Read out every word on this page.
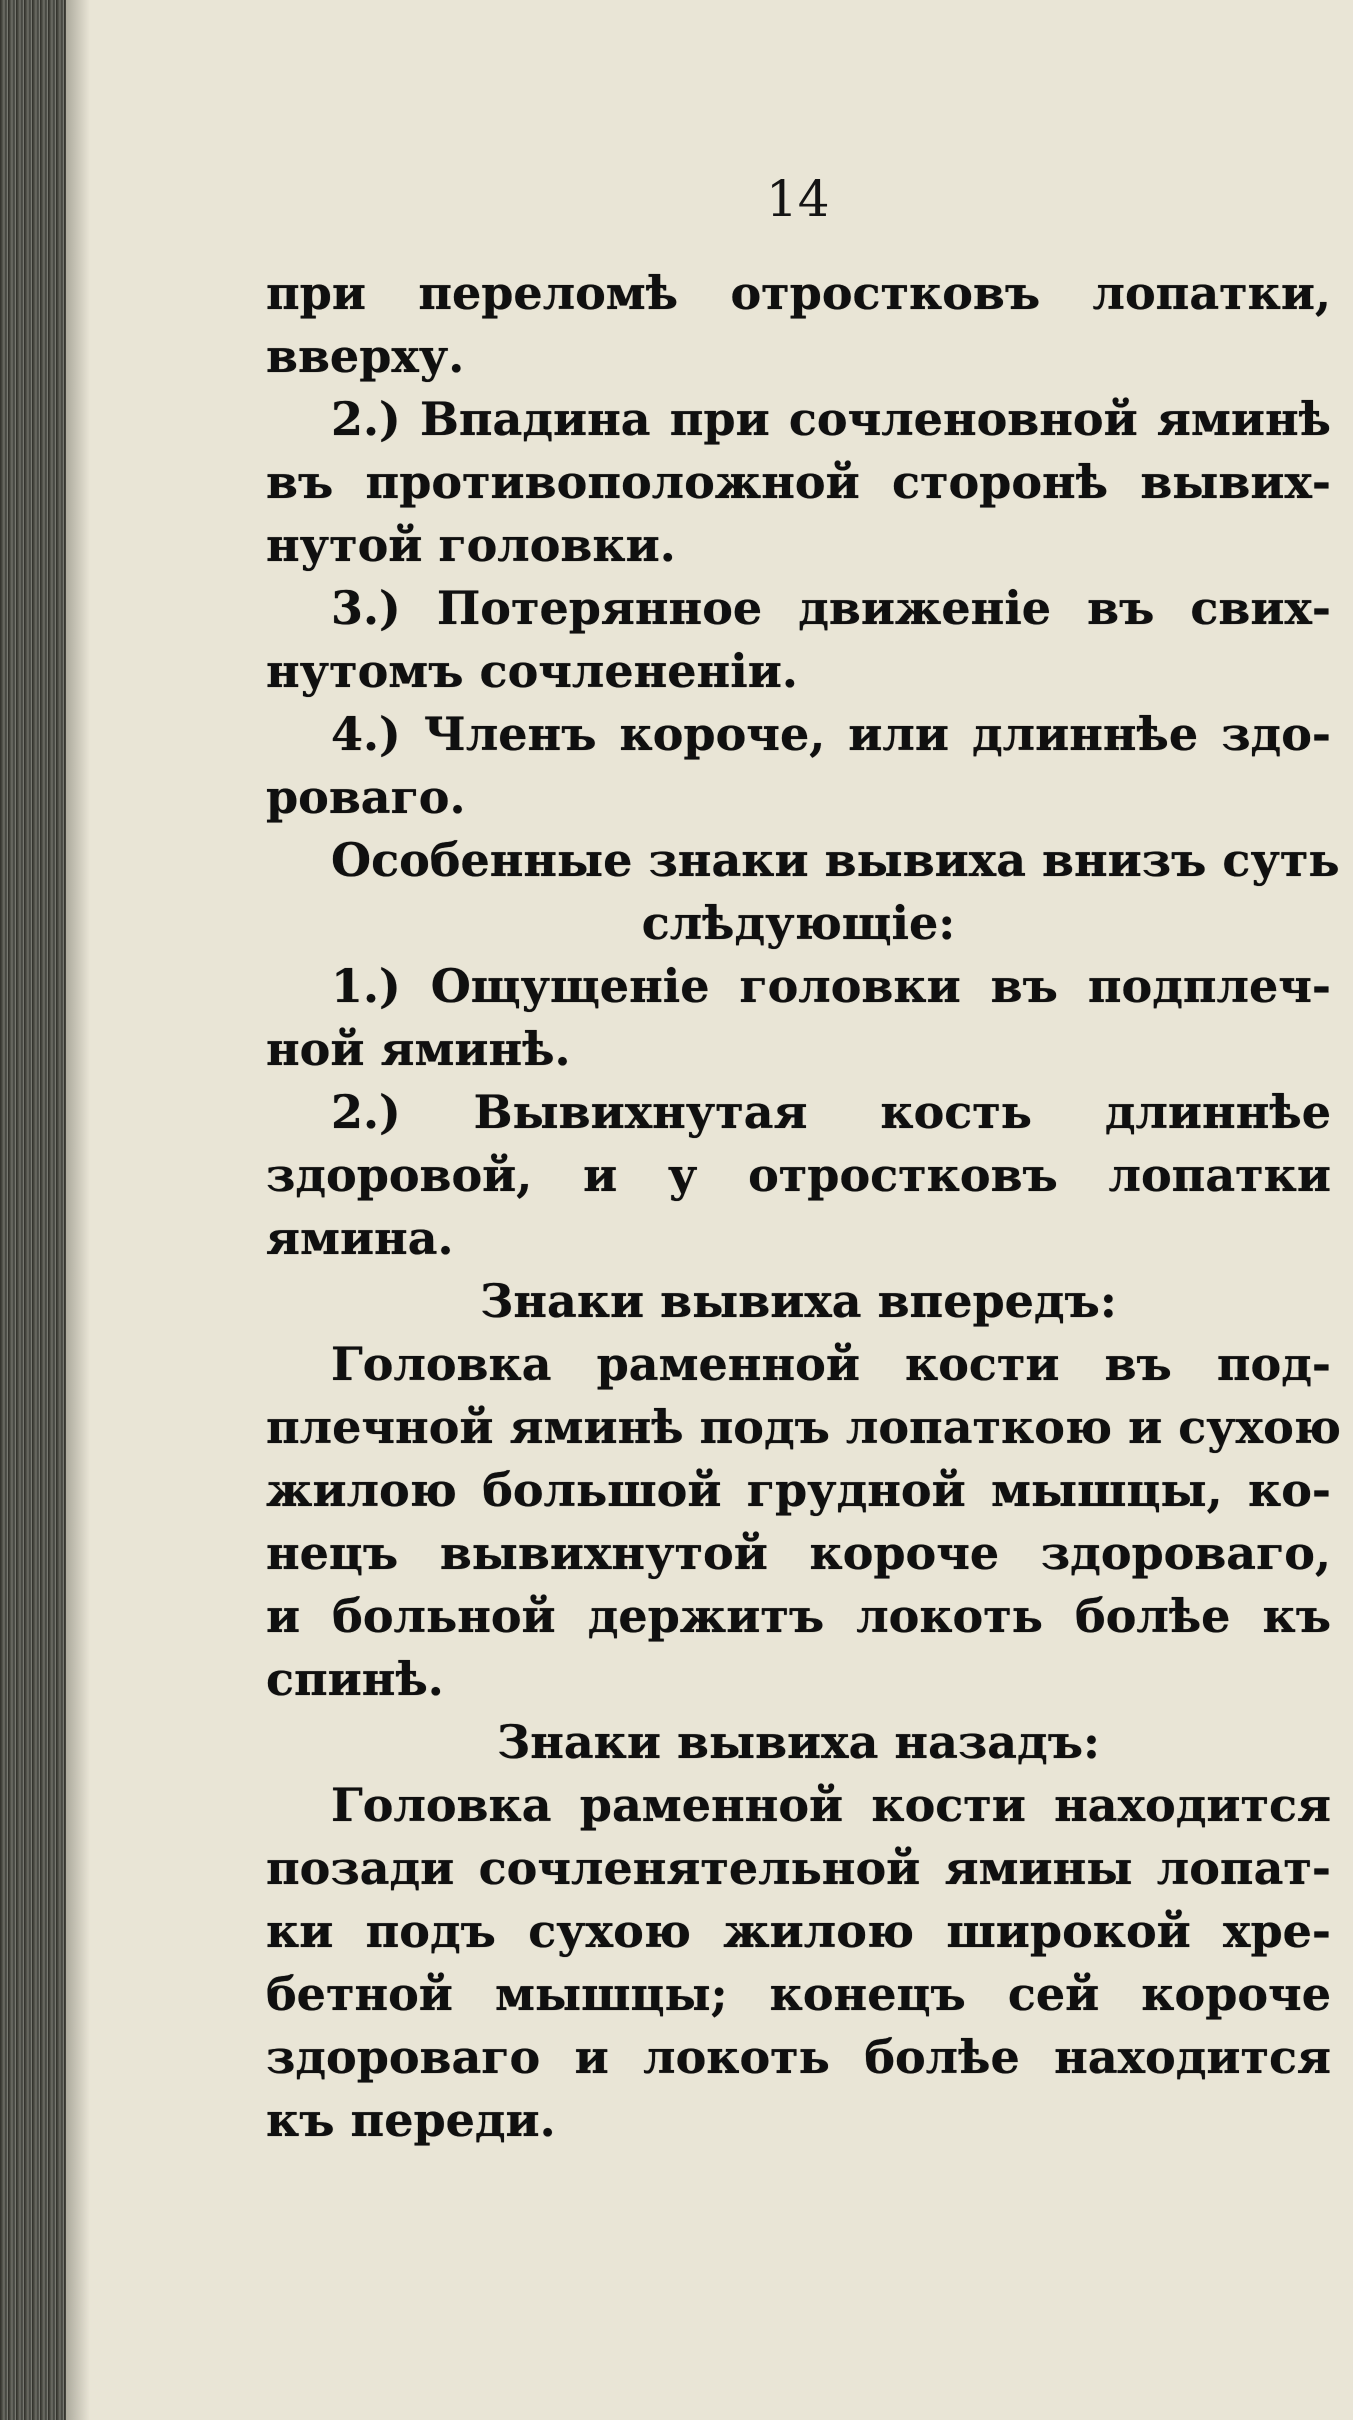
14
при переломѣ отростковъ лопатки,
вверху.
2.) Впадина при сочленовной яминѣ
въ противоположной сторонѣ вывих-
нутой головки.
3.) Потерянное движеніе въ свих-
нутомъ сочлененіи.
4.) Членъ короче, или длиннѣе здо-
роваго.
Особенные знаки вывиха внизъ суть
слѣдующіе:
1.) Ощущеніе головки въ подплеч-
ной яминѣ.
2.) Вывихнутая кость длиннѣе
здоровой, и у отростковъ лопатки
ямина.
Знаки вывиха впередъ:
Головка раменной кости въ под-
плечной яминѣ подъ лопаткою и сухою
жилою большой грудной мышцы, ко-
нецъ вывихнутой короче здороваго,
и больной держитъ локоть болѣе къ
спинѣ.
Знаки вывиха назадъ:
Головка раменной кости находится
позади сочленятельной ямины лопат-
ки подъ сухою жилою широкой хре-
бетной мышцы; конецъ сей короче
здороваго и локоть болѣе находится
къ переди.
